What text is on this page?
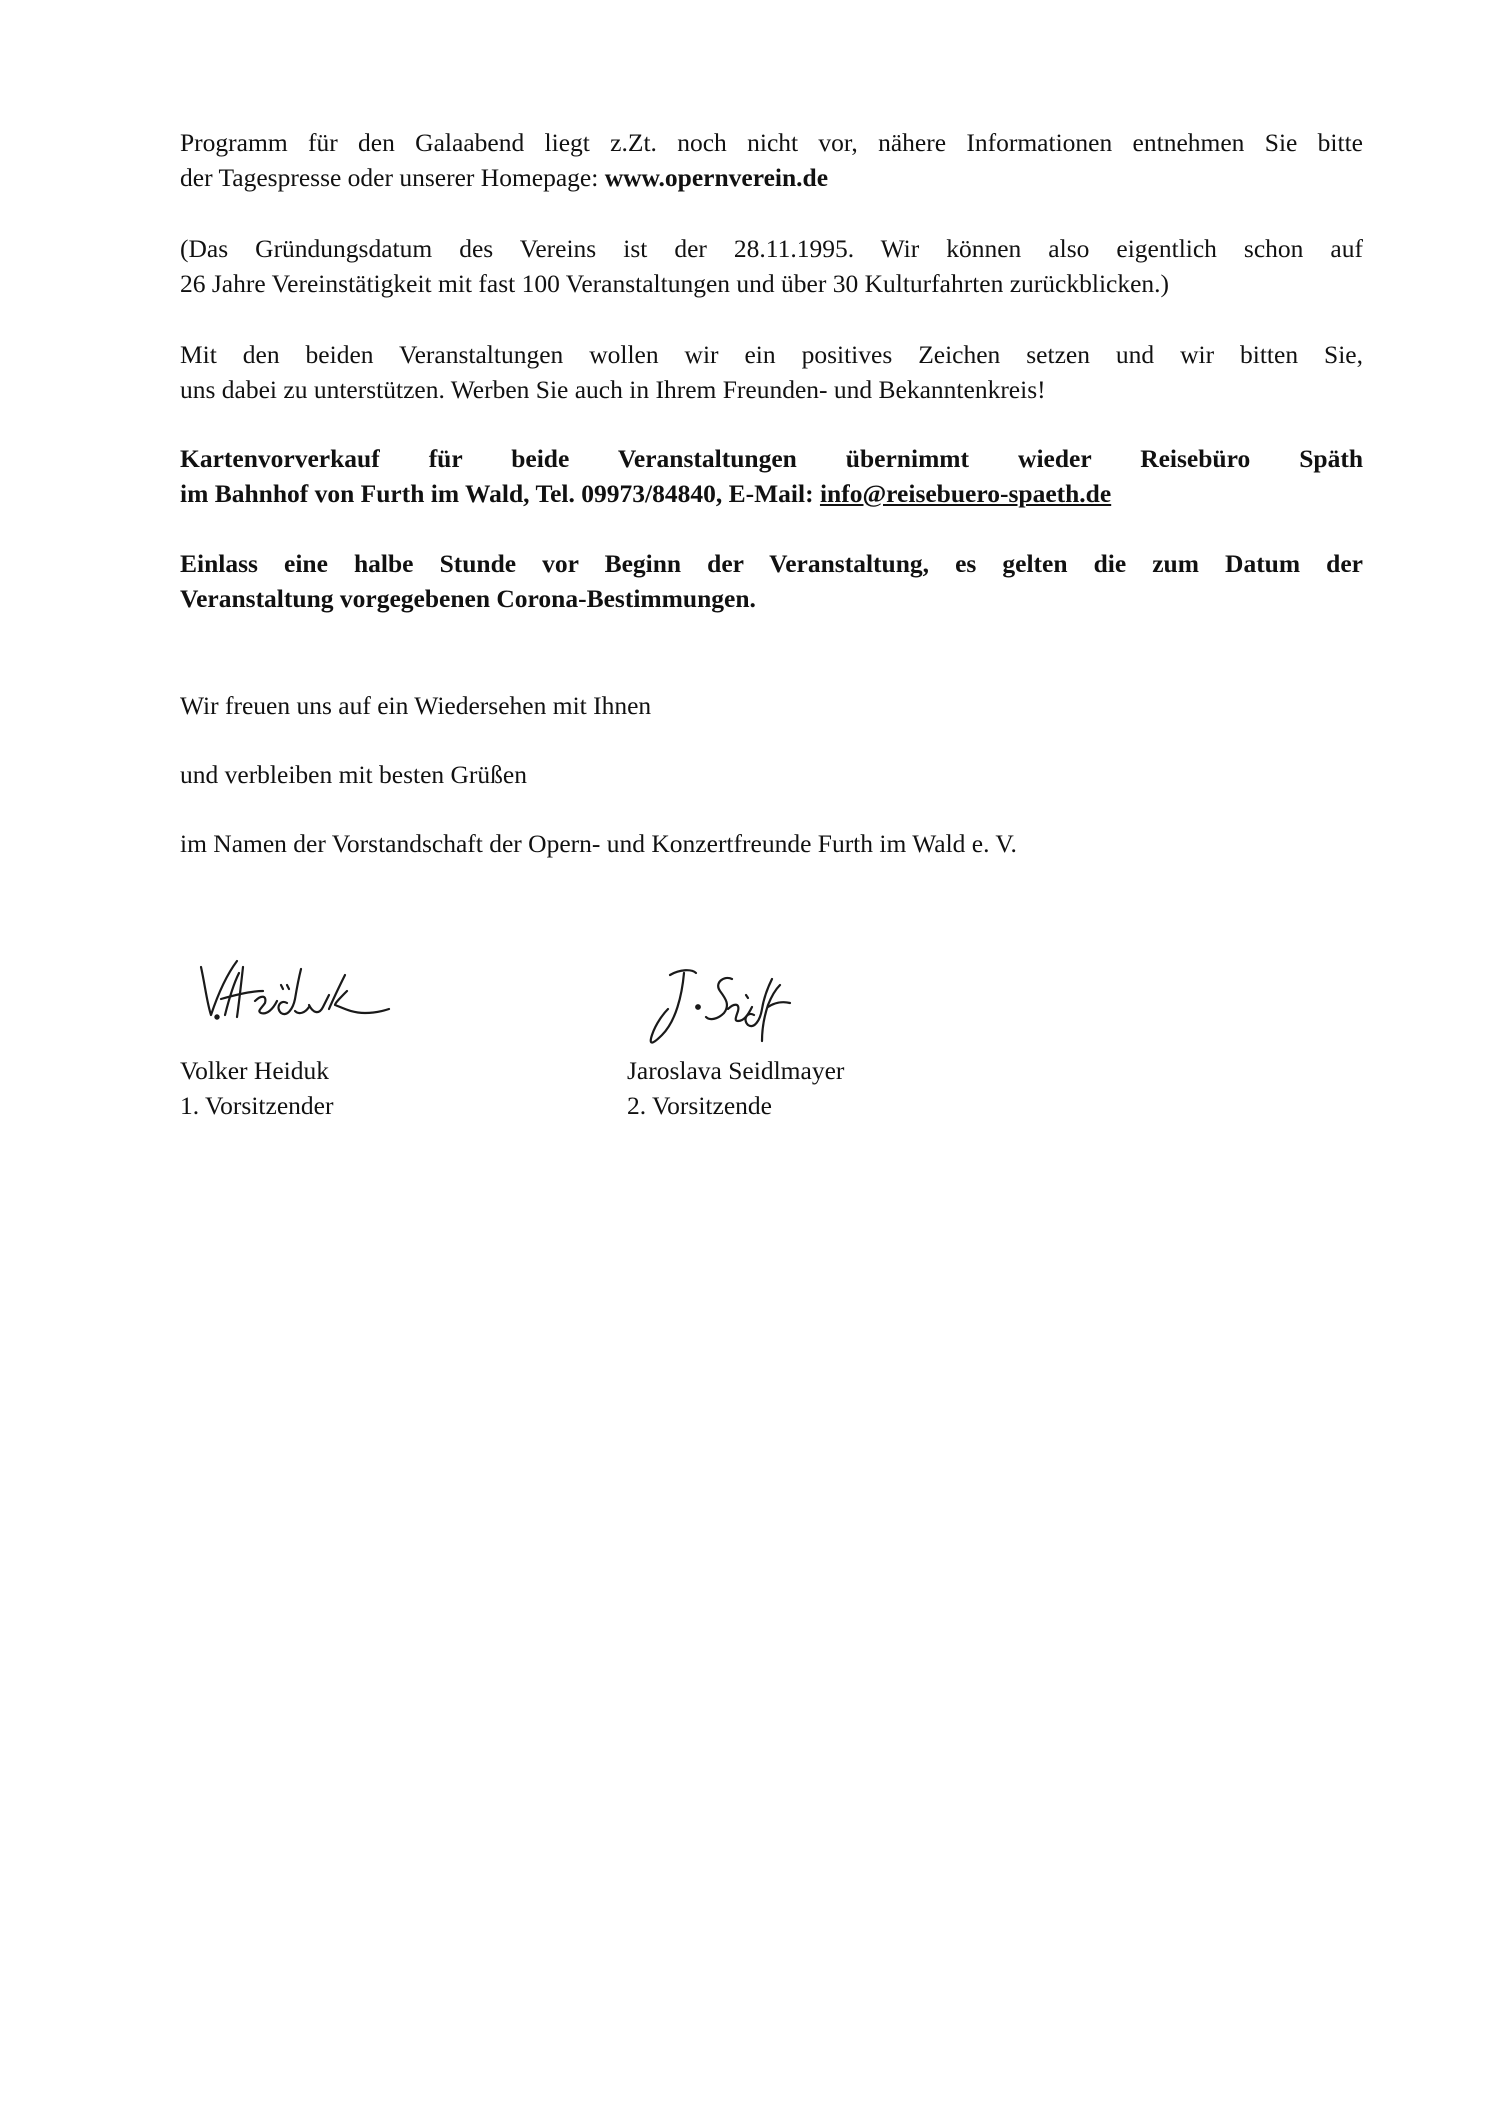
Programm für den Galaabend liegt z.Zt. noch nicht vor, nähere Informationen entnehmen Sie bitte
der Tagespresse oder unserer Homepage: www.opernverein.de
(Das Gründungsdatum des Vereins ist der 28.11.1995. Wir können also eigentlich schon auf
26 Jahre Vereinstätigkeit mit fast 100 Veranstaltungen und über 30 Kulturfahrten zurückblicken.)
Mit den beiden Veranstaltungen wollen wir ein positives Zeichen setzen und wir bitten Sie,
uns dabei zu unterstützen. Werben Sie auch in Ihrem Freunden- und Bekanntenkreis!
Kartenvorverkauf für beide Veranstaltungen übernimmt wieder Reisebüro Späth
im Bahnhof von Furth im Wald, Tel. 09973/84840, E-Mail: info@reisebuero-spaeth.de
Einlass eine halbe Stunde vor Beginn der Veranstaltung, es gelten die zum Datum der
Veranstaltung vorgegebenen Corona-Bestimmungen.
Wir freuen uns auf ein Wiedersehen mit Ihnen
und verbleiben mit besten Grüßen
im Namen der Vorstandschaft der Opern- und Konzertfreunde Furth im Wald e. V.
Volker Heiduk
1. Vorsitzender
Jaroslava Seidlmayer
2. Vorsitzende
